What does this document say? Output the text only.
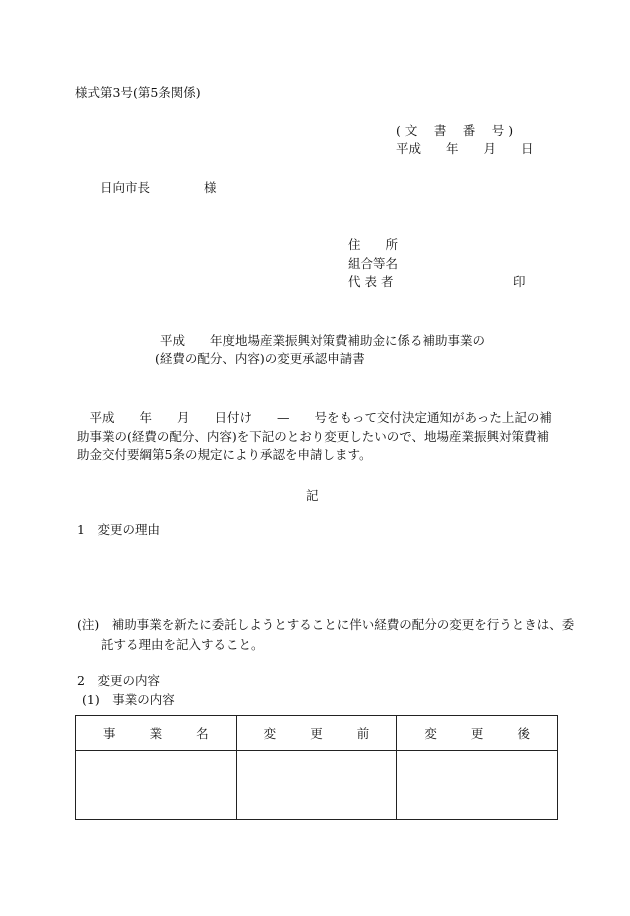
様式第3号(第5条関係)
( 文　 書　 番　 号 )
平成　　年　　月　　日
日向市長　　　　 様
住　　所
組合等名
代 表 者	印
平成　　年度地場産業振興対策費補助金に係る補助事業の
(経費の配分、内容)の変更承認申請書
　平成　　年　　月　　日付け　　—　　号をもって交付決定通知があった上記の補助事業の(経費の配分、内容)を下記のとおり変更したいので、地場産業振興対策費補助金交付要綱第5条の規定により承認を申請します。
記
1　変更の理由
(注)　補助事業を新たに委託しようとすることに伴い経費の配分の変更を行うときは、委託する理由を記入すること。
2　変更の内容
(1)　事業の内容
事 業 名	変 更 前	変 更 後
